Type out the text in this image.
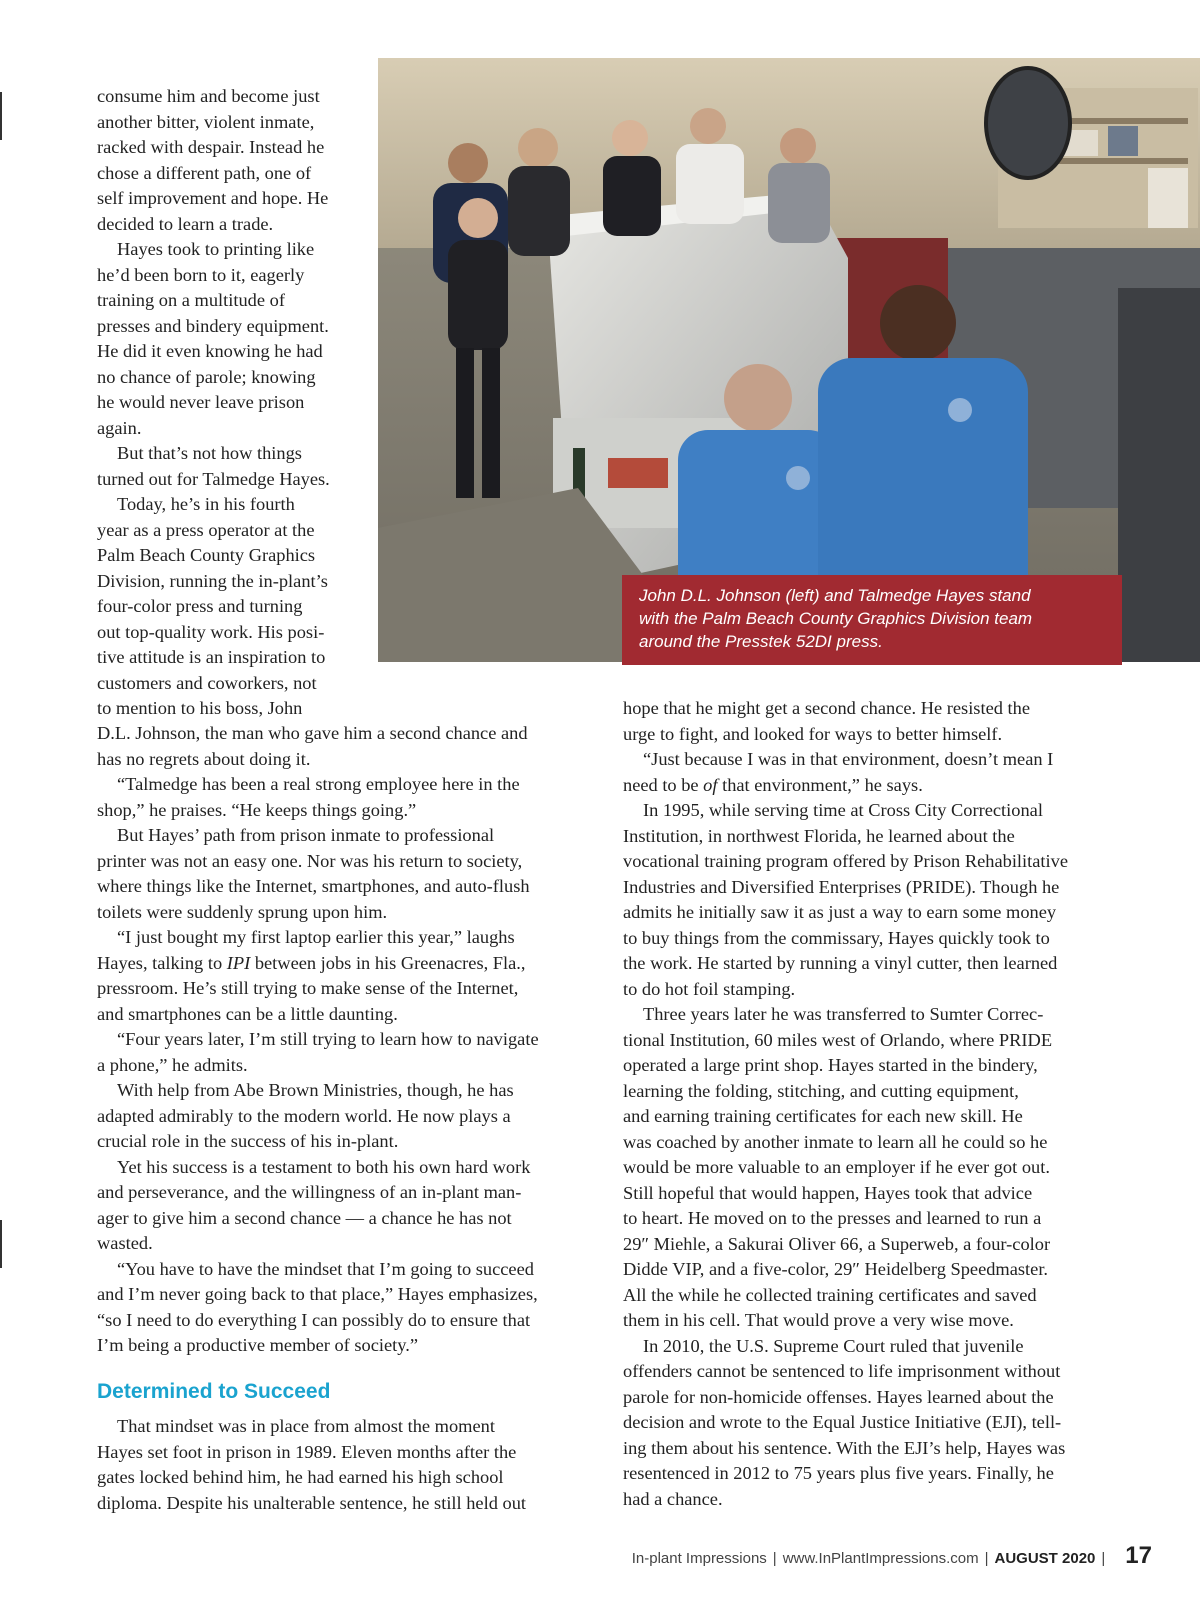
consume him and become just
another bitter, violent inmate,
racked with despair. Instead he
chose a different path, one of
self improvement and hope. He
decided to learn a trade.
Hayes took to printing like
he’d been born to it, eagerly
training on a multitude of
presses and bindery equipment.
He did it even knowing he had
no chance of parole; knowing
he would never leave prison
again.
But that’s not how things
turned out for Talmedge Hayes.
Today, he’s in his fourth
year as a press operator at the
Palm Beach County Graphics
Division, running the in-plant’s
four-color press and turning
out top-quality work. His posi-
tive attitude is an inspiration to
customers and coworkers, not
to mention to his boss, John
D.L. Johnson, the man who gave him a second chance and
has no regrets about doing it.
“Talmedge has been a real strong employee here in the
shop,” he praises. “He keeps things going.”
But Hayes’ path from prison inmate to professional
printer was not an easy one. Nor was his return to society,
where things like the Internet, smartphones, and auto-flush
toilets were suddenly sprung upon him.
“I just bought my first laptop earlier this year,” laughs
Hayes, talking to IPI between jobs in his Greenacres, Fla.,
pressroom. He’s still trying to make sense of the Internet,
and smartphones can be a little daunting.
“Four years later, I’m still trying to learn how to navigate
a phone,” he admits.
With help from Abe Brown Ministries, though, he has
adapted admirably to the modern world. He now plays a
crucial role in the success of his in-plant.
Yet his success is a testament to both his own hard work
and perseverance, and the willingness of an in-plant man-
ager to give him a second chance — a chance he has not
wasted.
“You have to have the mindset that I’m going to succeed
and I’m never going back to that place,” Hayes emphasizes,
“so I need to do everything I can possibly do to ensure that
I’m being a productive member of society.”
Determined to Succeed
That mindset was in place from almost the moment
Hayes set foot in prison in 1989. Eleven months after the
gates locked behind him, he had earned his high school
diploma. Despite his unalterable sentence, he still held out
hope that he might get a second chance. He resisted the
urge to fight, and looked for ways to better himself.
“Just because I was in that environment, doesn’t mean I
need to be of that environment,” he says.
In 1995, while serving time at Cross City Correctional
Institution, in northwest Florida, he learned about the
vocational training program offered by Prison Rehabilitative
Industries and Diversified Enterprises (PRIDE). Though he
admits he initially saw it as just a way to earn some money
to buy things from the commissary, Hayes quickly took to
the work. He started by running a vinyl cutter, then learned
to do hot foil stamping.
Three years later he was transferred to Sumter Correc-
tional Institution, 60 miles west of Orlando, where PRIDE
operated a large print shop. Hayes started in the bindery,
learning the folding, stitching, and cutting equipment,
and earning training certificates for each new skill. He
was coached by another inmate to learn all he could so he
would be more valuable to an employer if he ever got out.
Still hopeful that would happen, Hayes took that advice
to heart. He moved on to the presses and learned to run a
29″ Miehle, a Sakurai Oliver 66, a Superweb, a four-color
Didde VIP, and a five-color, 29″ Heidelberg Speedmaster.
All the while he collected training certificates and saved
them in his cell. That would prove a very wise move.
In 2010, the U.S. Supreme Court ruled that juvenile
offenders cannot be sentenced to life imprisonment without
parole for non-homicide offenses. Hayes learned about the
decision and wrote to the Equal Justice Initiative (EJI), tell-
ing them about his sentence. With the EJI’s help, Hayes was
resentenced in 2012 to 75 years plus five years. Finally, he
had a chance.
John D.L. Johnson (left) and Talmedge Hayes stand
with the Palm Beach County Graphics Division team
around the Presstek 52DI press.
In-plant Impressions | www.InPlantImpressions.com | AUGUST 2020 | 17
